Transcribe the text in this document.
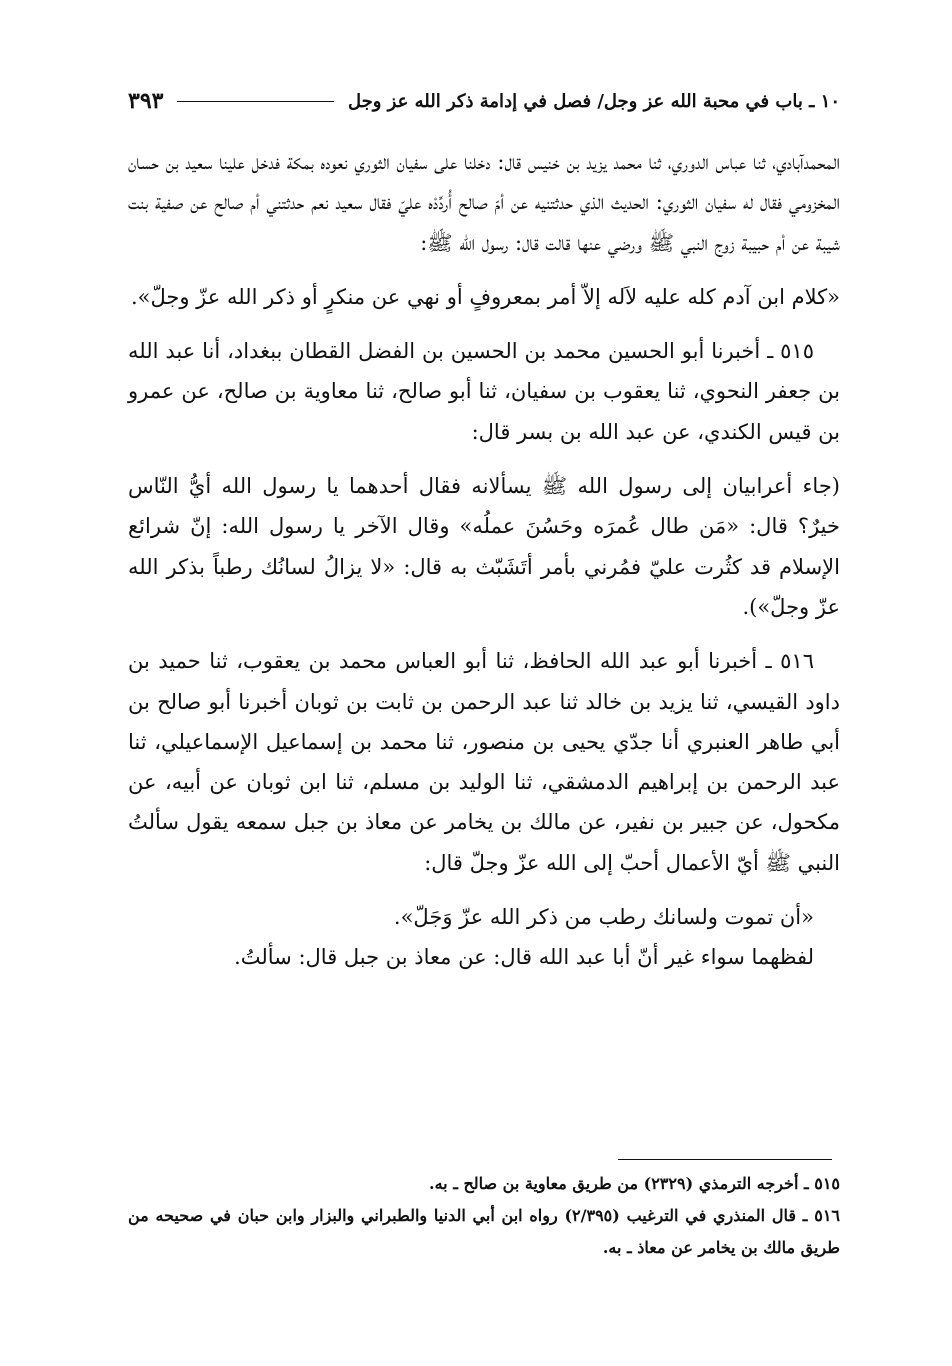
١٠ ـ باب في محبة الله عز وجل/ فصل في إدامة ذكر الله عز وجل
٣٩٣

المحمدآبادي، ثنا عباس الدوري، ثنا محمد يزيد بن خنيس قال: دخلنا على سفيان الثوري نعوده بمكة فدخل علينا سعيد بن حسان المخزومي فقال له سفيان الثوري: الحديث الذي حدثتنيه عن أمّ صالح أُردِّدْه عليّ فقال سعيد نعم حدثتني أم صالح عن صفية بنت شيبة عن أم حبيبة زوج النبي ﷺ ورضي عنها قالت قال: رسول الله ﷺ:

«كلام ابن آدم كله عليه لاَله إلاّ أمر بمعروفٍ أو نهي عن منكرٍ أو ذكر الله عزّ وجلّ».

٥١٥ ـ أخبرنا أبو الحسين محمد بن الحسين بن الفضل القطان ببغداد، أنا عبد الله بن جعفر النحوي، ثنا يعقوب بن سفيان، ثنا أبو صالح، ثنا معاوية بن صالح، عن عمرو بن قيس الكندي، عن عبد الله بن بسر قال:

(جاء أعرابيان إلى رسول الله ﷺ يسألانه فقال أحدهما يا رسول الله أيُّ النّاس خيرٌ؟ قال: «مَن طال عُمرَه وحَسُنَ عملُه» وقال الآخر يا رسول الله: إنّ شرائع الإسلام قد كثُرت عليّ فمُرني بأمر أتَشَبّث به قال: «لا يزالُ لسانُك رطباً بذكر الله عزّ وجلّ»).

٥١٦ ـ أخبرنا أبو عبد الله الحافظ، ثنا أبو العباس محمد بن يعقوب، ثنا حميد بن داود القيسي، ثنا يزيد بن خالد ثنا عبد الرحمن بن ثابت بن ثوبان أخبرنا أبو صالح بن أبي طاهر العنبري أنا جدّي يحيى بن منصور، ثنا محمد بن إسماعيل الإسماعيلي، ثنا عبد الرحمن بن إبراهيم الدمشقي، ثنا الوليد بن مسلم، ثنا ابن ثوبان عن أبيه، عن مكحول، عن جبير بن نفير، عن مالك بن يخامر عن معاذ بن جبل سمعه يقول سألتُ النبي ﷺ أيّ الأعمال أحبّ إلى الله عزّ وجلّ قال:

«أن تموت ولسانك رطب من ذكر الله عزّ وَجَلّ».

لفظهما سواء غير أنّ أبا عبد الله قال: عن معاذ بن جبل قال: سألتُ.

٥١٥ ـ أخرجه الترمذي (٢٣٢٩) من طريق معاوية بن صالح ـ به.

٥١٦ ـ قال المنذري في الترغيب (٢/٣٩٥) رواه ابن أبي الدنيا والطبراني والبزار وابن حبان في صحيحه من طريق مالك بن يخامر عن معاذ ـ به.
